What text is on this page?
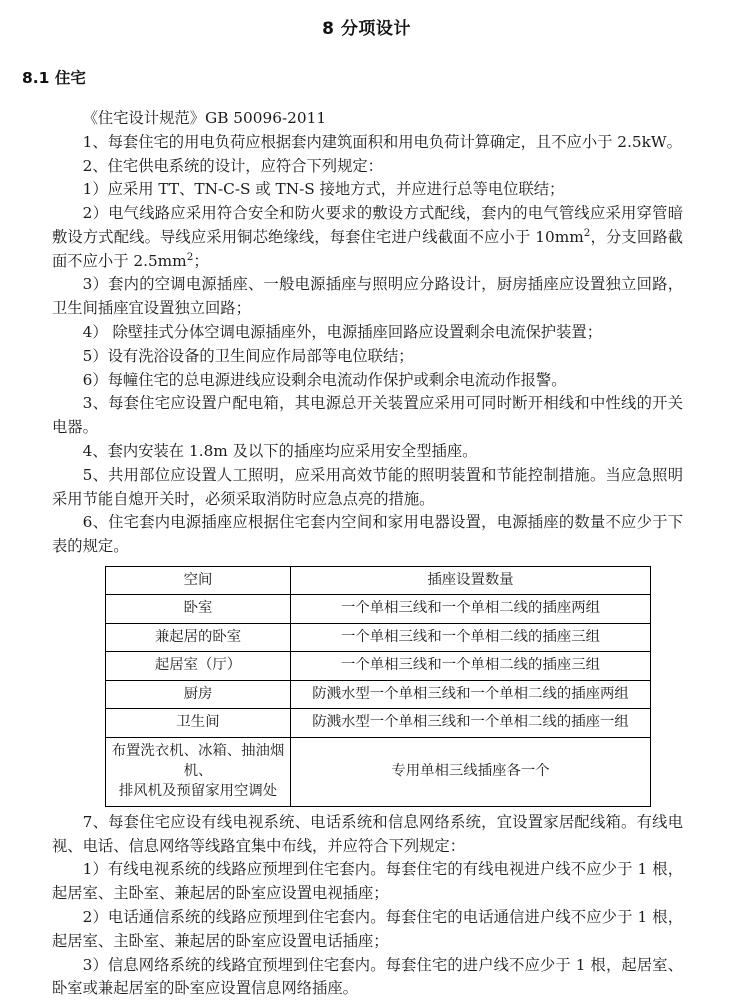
8 分项设计
8.1 住宅

《住宅设计规范》GB 50096-2011

1、每套住宅的用电负荷应根据套内建筑面积和用电负荷计算确定，且不应小于 2.5kW。

2、住宅供电系统的设计，应符合下列规定：

1）应采用 TT、TN-C-S 或 TN-S 接地方式，并应进行总等电位联结；

2）电气线路应采用符合安全和防火要求的敷设方式配线，套内的电气管线应采用穿管暗敷设方式配线。导线应采用铜芯绝缘线，每套住宅进户线截面不应小于 $10mm^2$，分支回路截面不应小于 $2.5mm^2$；

3）套内的空调电源插座、一般电源插座与照明应分路设计，厨房插座应设置独立回路，卫生间插座宜设置独立回路；

4） 除壁挂式分体空调电源插座外，电源插座回路应设置剩余电流保护装置；

5）设有洗浴设备的卫生间应作局部等电位联结；

6）每幢住宅的总电源进线应设剩余电流动作保护或剩余电流动作报警。

3、每套住宅应设置户配电箱，其电源总开关装置应采用可同时断开相线和中性线的开关电器。

4、套内安装在 1.8m 及以下的插座均应采用安全型插座。

5、共用部位应设置人工照明，应采用高效节能的照明装置和节能控制措施。当应急照明采用节能自熄开关时，必须采取消防时应急点亮的措施。

6、住宅套内电源插座应根据住宅套内空间和家用电器设置，电源插座的数量不应少于下表的规定。

空间	插座设置数量
卧室	一个单相三线和一个单相二线的插座两组
兼起居的卧室	一个单相三线和一个单相二线的插座三组
起居室（厅）	一个单相三线和一个单相二线的插座三组
厨房	防溅水型一个单相三线和一个单相二线的插座两组
卫生间	防溅水型一个单相三线和一个单相二线的插座一组
布置洗衣机、冰箱、抽油烟机、
排风机及预留家用空调处	专用单相三线插座各一个

7、每套住宅应设有线电视系统、电话系统和信息网络系统，宜设置家居配线箱。有线电视、电话、信息网络等线路宜集中布线，并应符合下列规定：

1）有线电视系统的线路应预埋到住宅套内。每套住宅的有线电视进户线不应少于 1 根，起居室、主卧室、兼起居的卧室应设置电视插座；

2）电话通信系统的线路应预埋到住宅套内。每套住宅的电话通信进户线不应少于 1 根，起居室、主卧室、兼起居的卧室应设置电话插座；

3）信息网络系统的线路宜预埋到住宅套内。每套住宅的进户线不应少于 1 根，起居室、卧室或兼起居室的卧室应设置信息网络插座。
